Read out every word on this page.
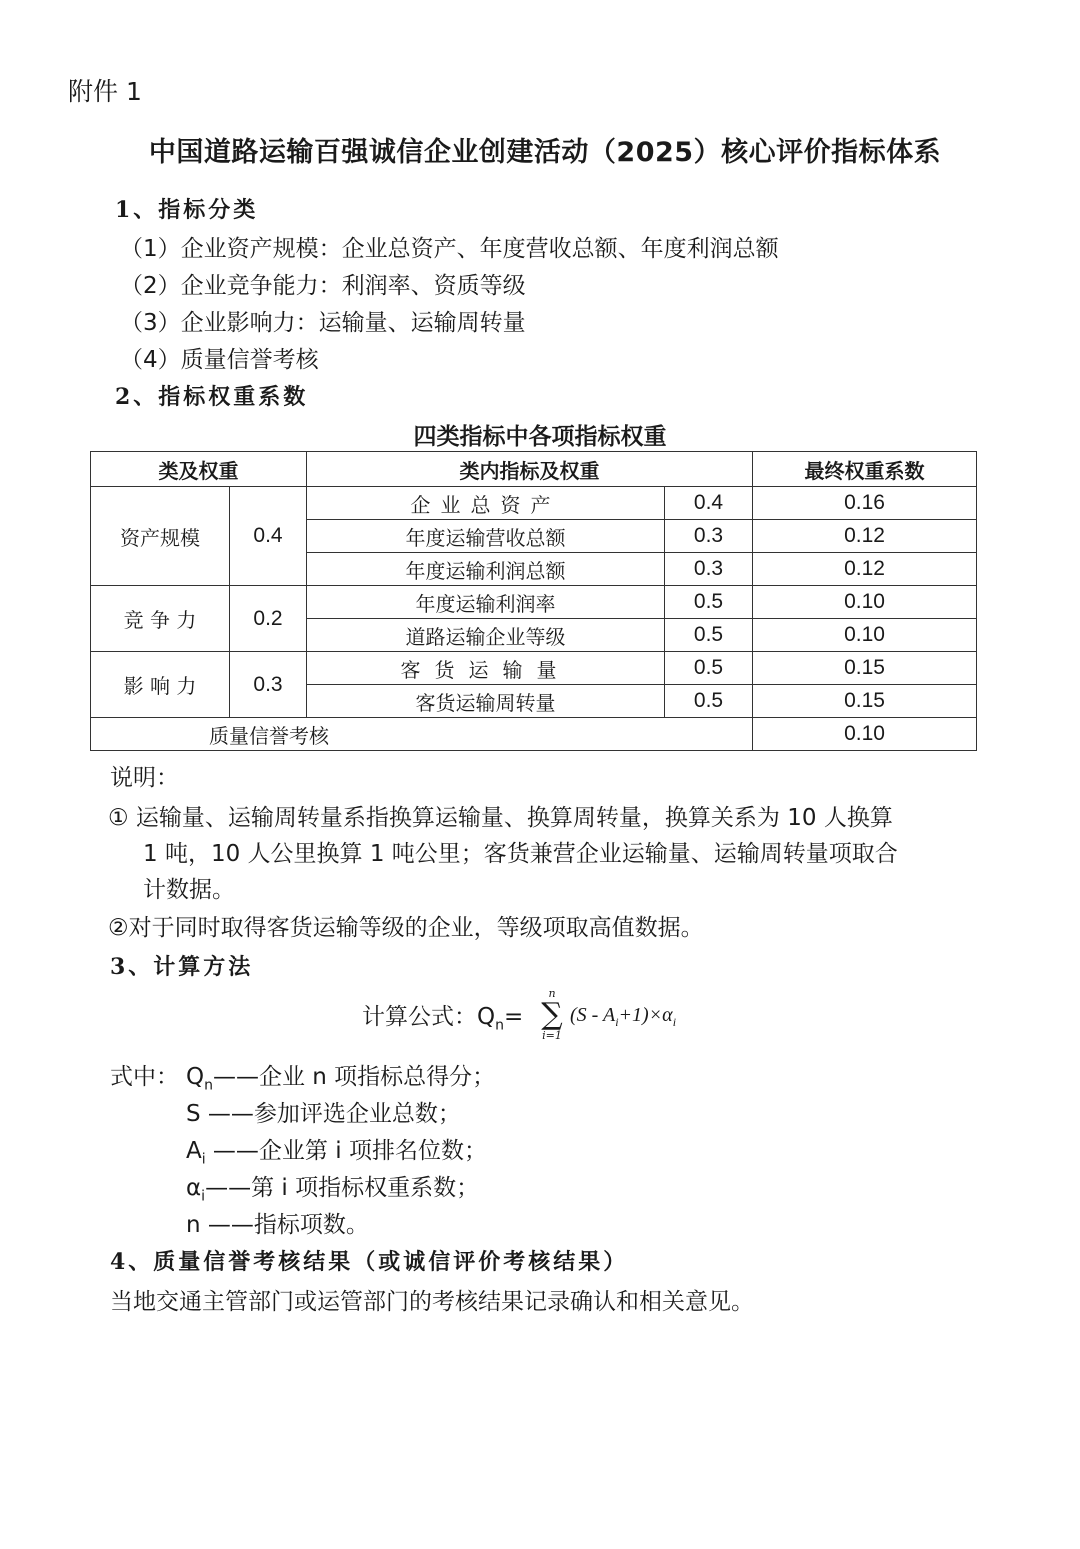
附件 1
中国道路运输百强诚信企业创建活动（2025）核心评价指标体系
1、指标分类
（1）企业资产规模：企业总资产、年度营收总额、年度利润总额
（2）企业竞争能力：利润率、资质等级
（3）企业影响力：运输量、运输周转量
（4）质量信誉考核
2、指标权重系数
四类指标中各项指标权重
类及权重		类内指标及权重		最终权重系数
资产规模	0.4	企业总资产	0.4	0.16
		年度运输营收总额	0.3	0.12
		年度运输利润总额	0.3	0.12
竞 争 力	0.2	年度运输利润率	0.5	0.10
		道路运输企业等级	0.5	0.10
影 响 力	0.3	客货运输量	0.5	0.15
		客货运输周转量	0.5	0.15
质量信誉考核				0.10
说明：
① 运输量、运输周转量系指换算运输量、换算周转量，换算关系为 10 人换算
1 吨，10 人公里换算 1 吨公里；客货兼营企业运输量、运输周转量项取合
计数据。
②对于同时取得客货运输等级的企业，等级项取高值数据。
3、计算方法
计算公式：$Q_n=$
n
∑
i=1
$(S - A_i+1)\times\alpha_i$
式中： $Q_n——$企业 n 项指标总得分；
S ——参加评选企业总数；
$A_i$ ——企业第 i 项排名位数；
$\alpha_i——$第 i 项指标权重系数；
n ——指标项数。
4、质量信誉考核结果（或诚信评价考核结果）
当地交通主管部门或运管部门的考核结果记录确认和相关意见。
